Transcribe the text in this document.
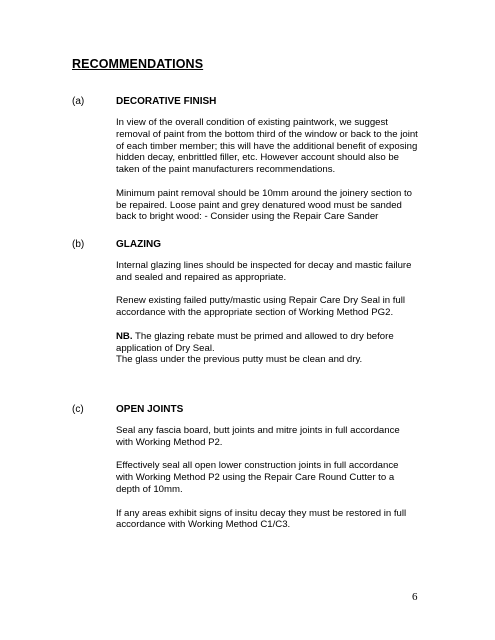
RECOMMENDATIONS
(a)	DECORATIVE FINISH
In view of the overall condition of existing paintwork, we suggest
removal of paint from the bottom third of the window or back to the joint
of each timber member; this will have the additional benefit of exposing
hidden decay, enbrittled filler, etc. However account should also be
taken of the paint manufacturers recommendations.
Minimum paint removal should be 10mm around the joinery section to
be repaired. Loose paint and grey denatured wood must be sanded
back to bright wood: - Consider using the Repair Care Sander
(b)	GLAZING
Internal glazing lines should be inspected for decay and mastic failure
and sealed and repaired as appropriate.
Renew existing failed putty/mastic using Repair Care Dry Seal in full
accordance with the appropriate section of Working Method PG2.
NB. The glazing rebate must be primed and allowed to dry before
application of Dry Seal.
The glass under the previous putty must be clean and dry.
(c)	OPEN JOINTS
Seal any fascia board, butt joints and mitre joints in full accordance
with Working Method P2.
Effectively seal all open lower construction joints in full accordance
with Working Method P2 using the Repair Care Round Cutter to a
depth of 10mm.
If any areas exhibit signs of insitu decay they must be restored in full
accordance with Working Method C1/C3.
6
